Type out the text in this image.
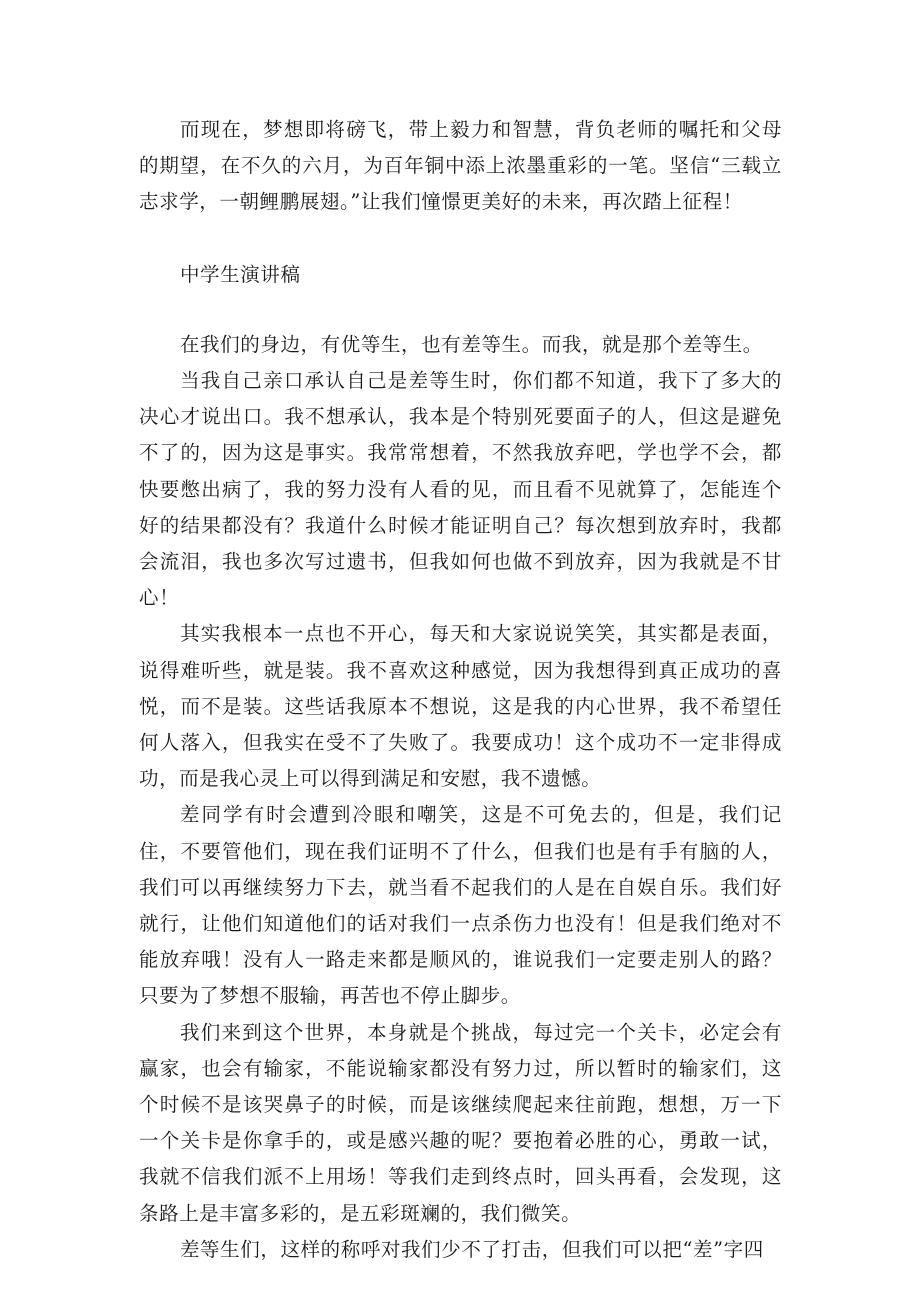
而现在，梦想即将磅飞，带上毅力和智慧，背负老师的嘱托和父母的期望，在不久的六月，为百年铜中添上浓墨重彩的一笔。坚信“三载立志求学，一朝鲤鹏展翅。”让我们憧憬更美好的未来，再次踏上征程！

中学生演讲稿

在我们的身边，有优等生，也有差等生。而我，就是那个差等生。

当我自己亲口承认自己是差等生时，你们都不知道，我下了多大的决心才说出口。我不想承认，我本是个特别死要面子的人，但这是避免不了的，因为这是事实。我常常想着，不然我放弃吧，学也学不会，都快要憋出病了，我的努力没有人看的见，而且看不见就算了，怎能连个好的结果都没有？我道什么时候才能证明自己？每次想到放弃时，我都会流泪，我也多次写过遗书，但我如何也做不到放弃，因为我就是不甘心！

其实我根本一点也不开心，每天和大家说说笑笑，其实都是表面，说得难听些，就是装。我不喜欢这种感觉，因为我想得到真正成功的喜悦，而不是装。这些话我原本不想说，这是我的内心世界，我不希望任何人落入，但我实在受不了失败了。我要成功！这个成功不一定非得成功，而是我心灵上可以得到满足和安慰，我不遗憾。

差同学有时会遭到冷眼和嘲笑，这是不可免去的，但是，我们记住，不要管他们，现在我们证明不了什么，但我们也是有手有脑的人，我们可以再继续努力下去，就当看不起我们的人是在自娱自乐。我们好就行，让他们知道他们的话对我们一点杀伤力也没有！但是我们绝对不能放弃哦！没有人一路走来都是顺风的，谁说我们一定要走别人的路？只要为了梦想不服输，再苦也不停止脚步。

我们来到这个世界，本身就是个挑战，每过完一个关卡，必定会有赢家，也会有输家，不能说输家都没有努力过，所以暂时的输家们，这个时候不是该哭鼻子的时候，而是该继续爬起来往前跑，想想，万一下一个关卡是你拿手的，或是感兴趣的呢？要抱着必胜的心，勇敢一试，我就不信我们派不上用场！等我们走到终点时，回头再看，会发现，这条路上是丰富多彩的，是五彩斑斓的，我们微笑。

差等生们，这样的称呼对我们少不了打击，但我们可以把“差”字四
